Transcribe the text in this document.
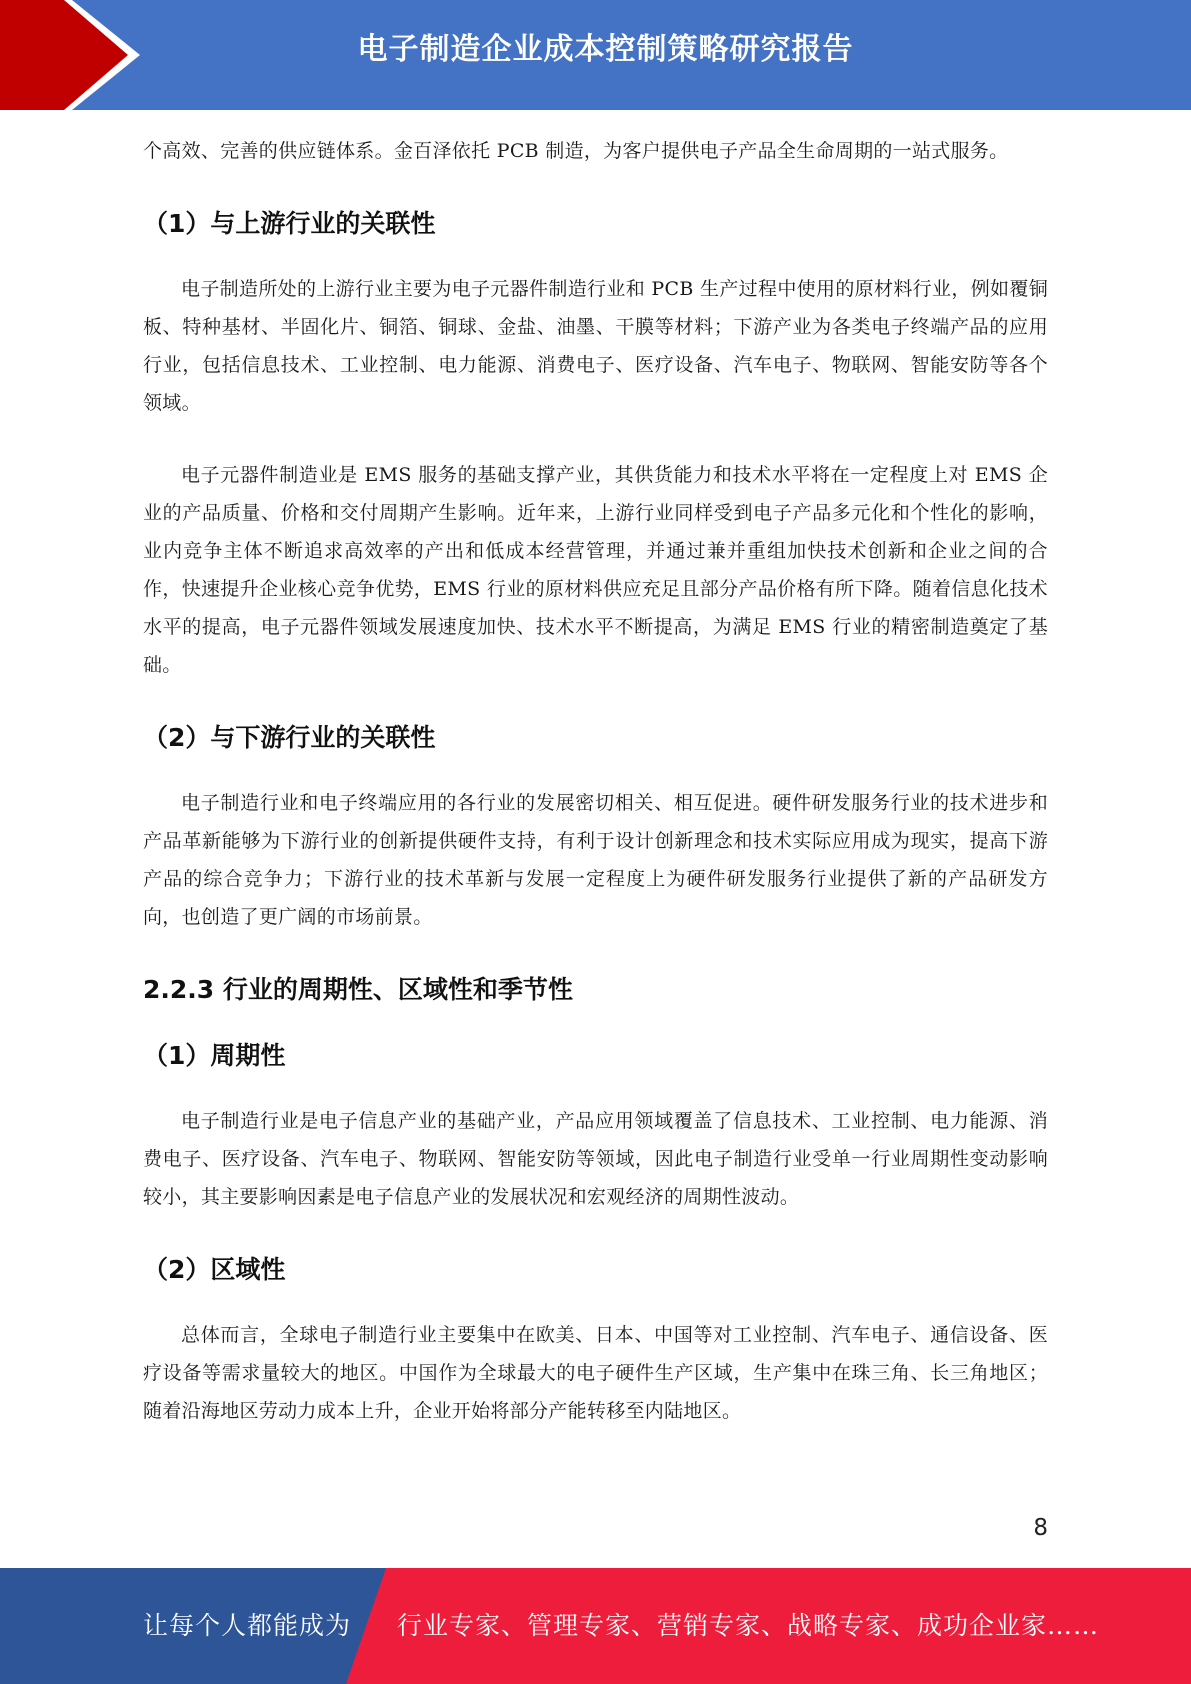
电子制造企业成本控制策略研究报告

个高效、完善的供应链体系。金百泽依托 PCB 制造，为客户提供电子产品全生命周期的一站式服务。

（1）与上游行业的关联性

电子制造所处的上游行业主要为电子元器件制造行业和 PCB 生产过程中使用的原材料行业，例如覆铜板、特种基材、半固化片、铜箔、铜球、金盐、油墨、干膜等材料；下游产业为各类电子终端产品的应用行业，包括信息技术、工业控制、电力能源、消费电子、医疗设备、汽车电子、物联网、智能安防等各个领域。

电子元器件制造业是 EMS 服务的基础支撑产业，其供货能力和技术水平将在一定程度上对 EMS 企业的产品质量、价格和交付周期产生影响。近年来，上游行业同样受到电子产品多元化和个性化的影响，业内竞争主体不断追求高效率的产出和低成本经营管理，并通过兼并重组加快技术创新和企业之间的合作，快速提升企业核心竞争优势，EMS 行业的原材料供应充足且部分产品价格有所下降。随着信息化技术水平的提高，电子元器件领域发展速度加快、技术水平不断提高，为满足 EMS 行业的精密制造奠定了基础。

（2）与下游行业的关联性

电子制造行业和电子终端应用的各行业的发展密切相关、相互促进。硬件研发服务行业的技术进步和产品革新能够为下游行业的创新提供硬件支持，有利于设计创新理念和技术实际应用成为现实，提高下游产品的综合竞争力；下游行业的技术革新与发展一定程度上为硬件研发服务行业提供了新的产品研发方向，也创造了更广阔的市场前景。

2.2.3 行业的周期性、区域性和季节性
（1）周期性

电子制造行业是电子信息产业的基础产业，产品应用领域覆盖了信息技术、工业控制、电力能源、消费电子、医疗设备、汽车电子、物联网、智能安防等领域，因此电子制造行业受单一行业周期性变动影响较小，其主要影响因素是电子信息产业的发展状况和宏观经济的周期性波动。

（2）区域性

总体而言，全球电子制造行业主要集中在欧美、日本、中国等对工业控制、汽车电子、通信设备、医疗设备等需求量较大的地区。中国作为全球最大的电子硬件生产区域，生产集中在珠三角、长三角地区；随着沿海地区劳动力成本上升，企业开始将部分产能转移至内陆地区。

8
让每个人都能成为 行业专家、管理专家、营销专家、战略专家、成功企业家……
